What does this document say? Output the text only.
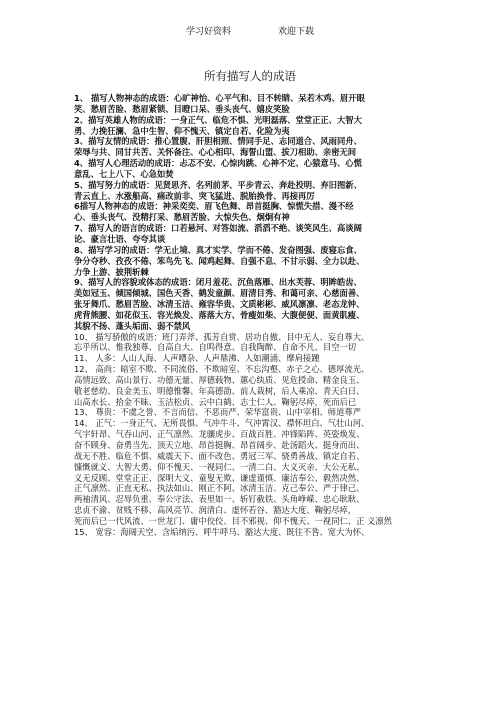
学习好资料	欢迎下载
所有描写人的成语
1、 描写人物神态的成语：心旷神怡、心平气和、目不转睛、呆若木鸡、眉开眼
笑、愁眉苦脸、愁眉紧锁、目瞪口呆、垂头丧气、嬉皮笑脸
2、描写英雄人物的成语：一身正气、临危不惧、光明磊落、堂堂正正、大智大
勇、力挽狂澜、急中生智、仰不愧天、镇定自若、化险为夷
3、描写友情的成语：推心置腹、肝胆相照、情同手足、志同道合、风雨同舟、
荣辱与共、同甘共苦、关怀备注、心心相印、海誓山盟、拔刀相助、亲密无间
4、描写人心理活动的成语：忐忑不安、心惊肉跳、心神不定、心猿意马、心慌
意乱、七上八下、心急如焚
5、描写努力的成语：见贤思齐、名列前茅、平步青云、奔赴投明、弃旧图新、
青云直上、水涨船高、痛改前非、突飞猛进、脱胎换骨、再接再厉
6描写人物神态的成语：神采奕奕、眉飞色舞、昂首挺胸、惊慌失措、漫不经
心、垂头丧气、没精打采、愁眉苦脸、大惊失色、炯炯有神
7、描写人的语言的成语：口若悬河、对答如流、滔滔不绝、谈笑风生、高谈阔
论、豪言壮语、夸夸其谈
8、描写学习的成语：学无止境、真才实学、学而不倦、发奋图强、废寝忘食、
争分夺秒、孜孜不倦、笨鸟先飞、闻鸡起舞、自强不息、不甘示弱、全力以赴、
力争上游、披荆斩棘
9、描写人的容貌或体态的成语：闭月羞花、沉鱼落雁、出水芙蓉、明眸皓齿、
美如冠玉、倾国倾城、国色天香、鹤发童颜、眉清目秀、和蔼可亲、心慈面善、
张牙舞爪、愁眉苦脸、冰清玉洁、雍容华贵、文质彬彬、威风凛凛、老态龙钟、
虎背熊腰、如花似玉、容光焕发、落落大方、骨瘦如柴、大腹便便、面黄肌瘦、
其貌不扬、蓬头垢面、弱不禁风
10、 描写骄傲的成语：班门弄斧、孤芳自赏、居功自傲、目中无人、妄自尊大、
忘乎所以、惟我独尊、自高自大、自鸣得意、自我陶醉、自命不凡、目空一切
11、 人多：人山人海、人声嘈杂、人声鼎沸、人如潮涌、摩肩接踵
12、 高尚：暗室不欺、不同流俗、不欺暗室、不忘沟壑、赤子之心、德厚流光、
高情远致、高山景行、功德无量、厚德载物、蕙心纨质、见危授命、精金良玉、
敬老慈幼、良金美玉、明德惟馨、年高德劭、前人栽树，后人乘凉、青天白日、
山高水长、拾金不昧、玉洁松贞、云中白鹤、志士仁人、鞠躬尽瘁，死而后已
13、 尊贵：不虞之誉、不言而信、不恶而严、荣华富贵、山中宰相、师道尊严
14、 正气：一身正气、无所畏惧、气冲牛斗、气冲霄汉、襟怀坦白、气壮山河、
气宇轩昂、气吞山河、正气凛然、龙骧虎步、百战百胜、冲锋陷阵、英姿焕发、
奋不顾身、奋勇当先、顶天立地、昂首挺胸、昂首阔步、赴汤蹈火、挺身而出、
战无不胜、临危不惧、威震天下、面不改色、勇冠三军、骁勇善战、镇定自若、
慷慨就义、大智大勇、仰不愧天、一视同仁、一清二白、大义灭亲、大公无私、
义无反顾、堂堂正正、深明大义、童叟无欺、谦虚谨慎、廉洁奉公、毅然决然、
正气凛然、正直无私、执法如山、刚正不阿、冰清玉洁、克己奉公、严于律己、
两袖清风、忍辱负重、奉公守法、表里如一、斩钉截铁、头角峥嵘、忠心耿耿、
忠贞不渝、贫贱不移、高风亮节、润清白、虚怀若谷、豁达大度、鞠躬尽瘁，
死而后已一代风流、一世龙门、庸中佼佼、目不邪视、仰不愧天、一视同仁、正 义凛然
15、 宽容：海阔天空、含垢纳污、呼牛呼马、豁达大度、既往不咎、宽大为怀、
